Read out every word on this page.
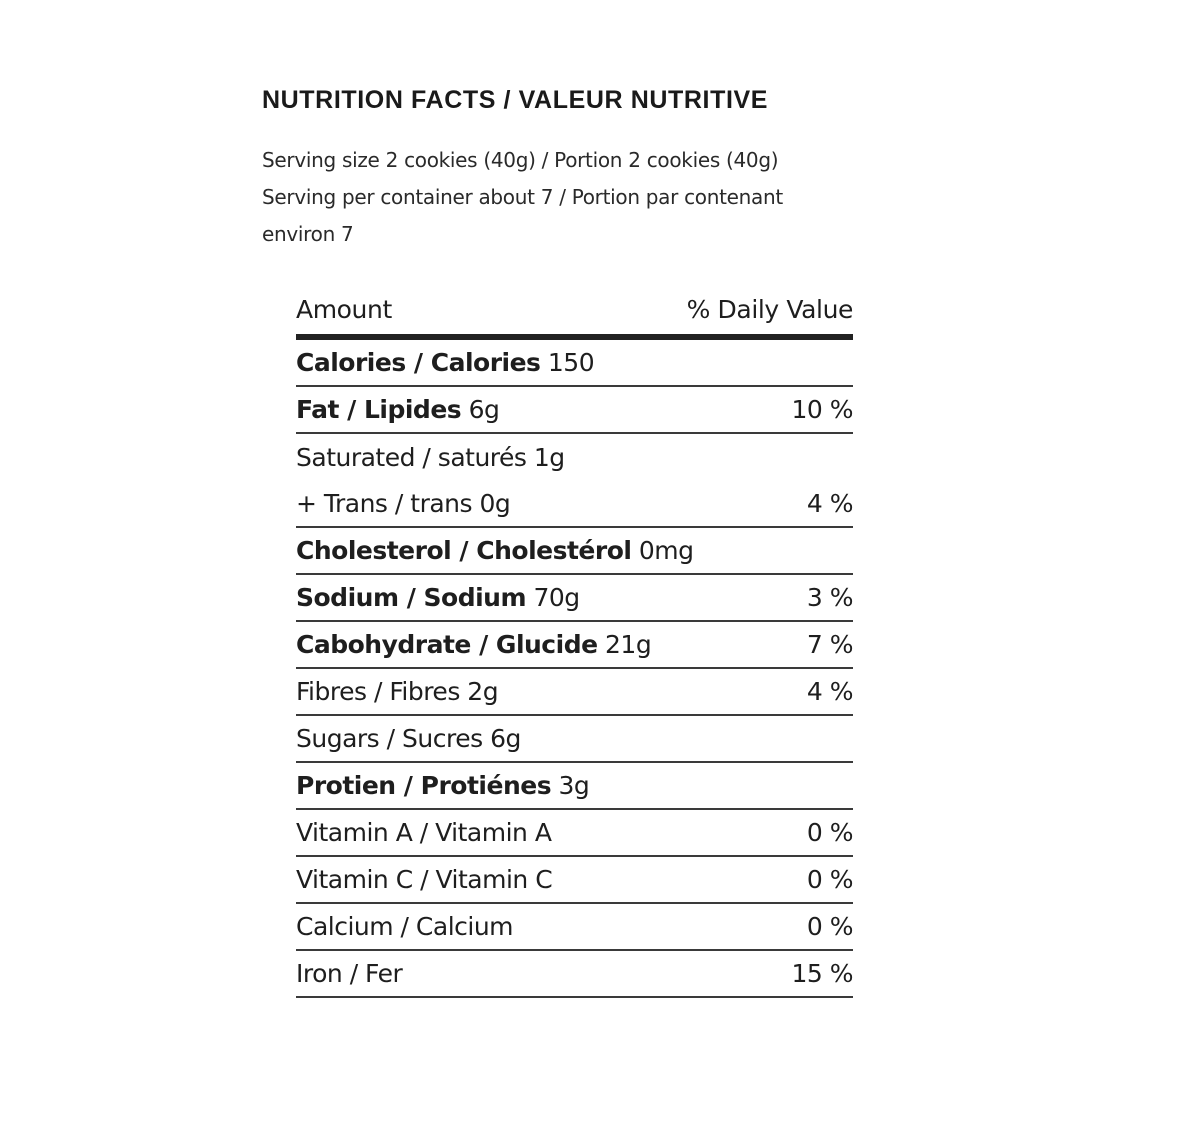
NUTRITION FACTS / VALEUR NUTRITIVE
Serving size 2 cookies (40g) / Portion 2 cookies (40g)
Serving per container about 7 / Portion par contenant
environ 7
Amount	% Daily Value
Calories / Calories 150
Fat / Lipides 6g	10 %
Saturated / saturés 1g
+ Trans / trans 0g	4 %
Cholesterol / Cholestérol 0mg
Sodium / Sodium 70g	3 %
Cabohydrate / Glucide 21g	7 %
Fibres / Fibres 2g	4 %
Sugars / Sucres 6g
Protien / Protiénes 3g
Vitamin A / Vitamin A	0 %
Vitamin C / Vitamin C	0 %
Calcium / Calcium	0 %
Iron / Fer	15 %
